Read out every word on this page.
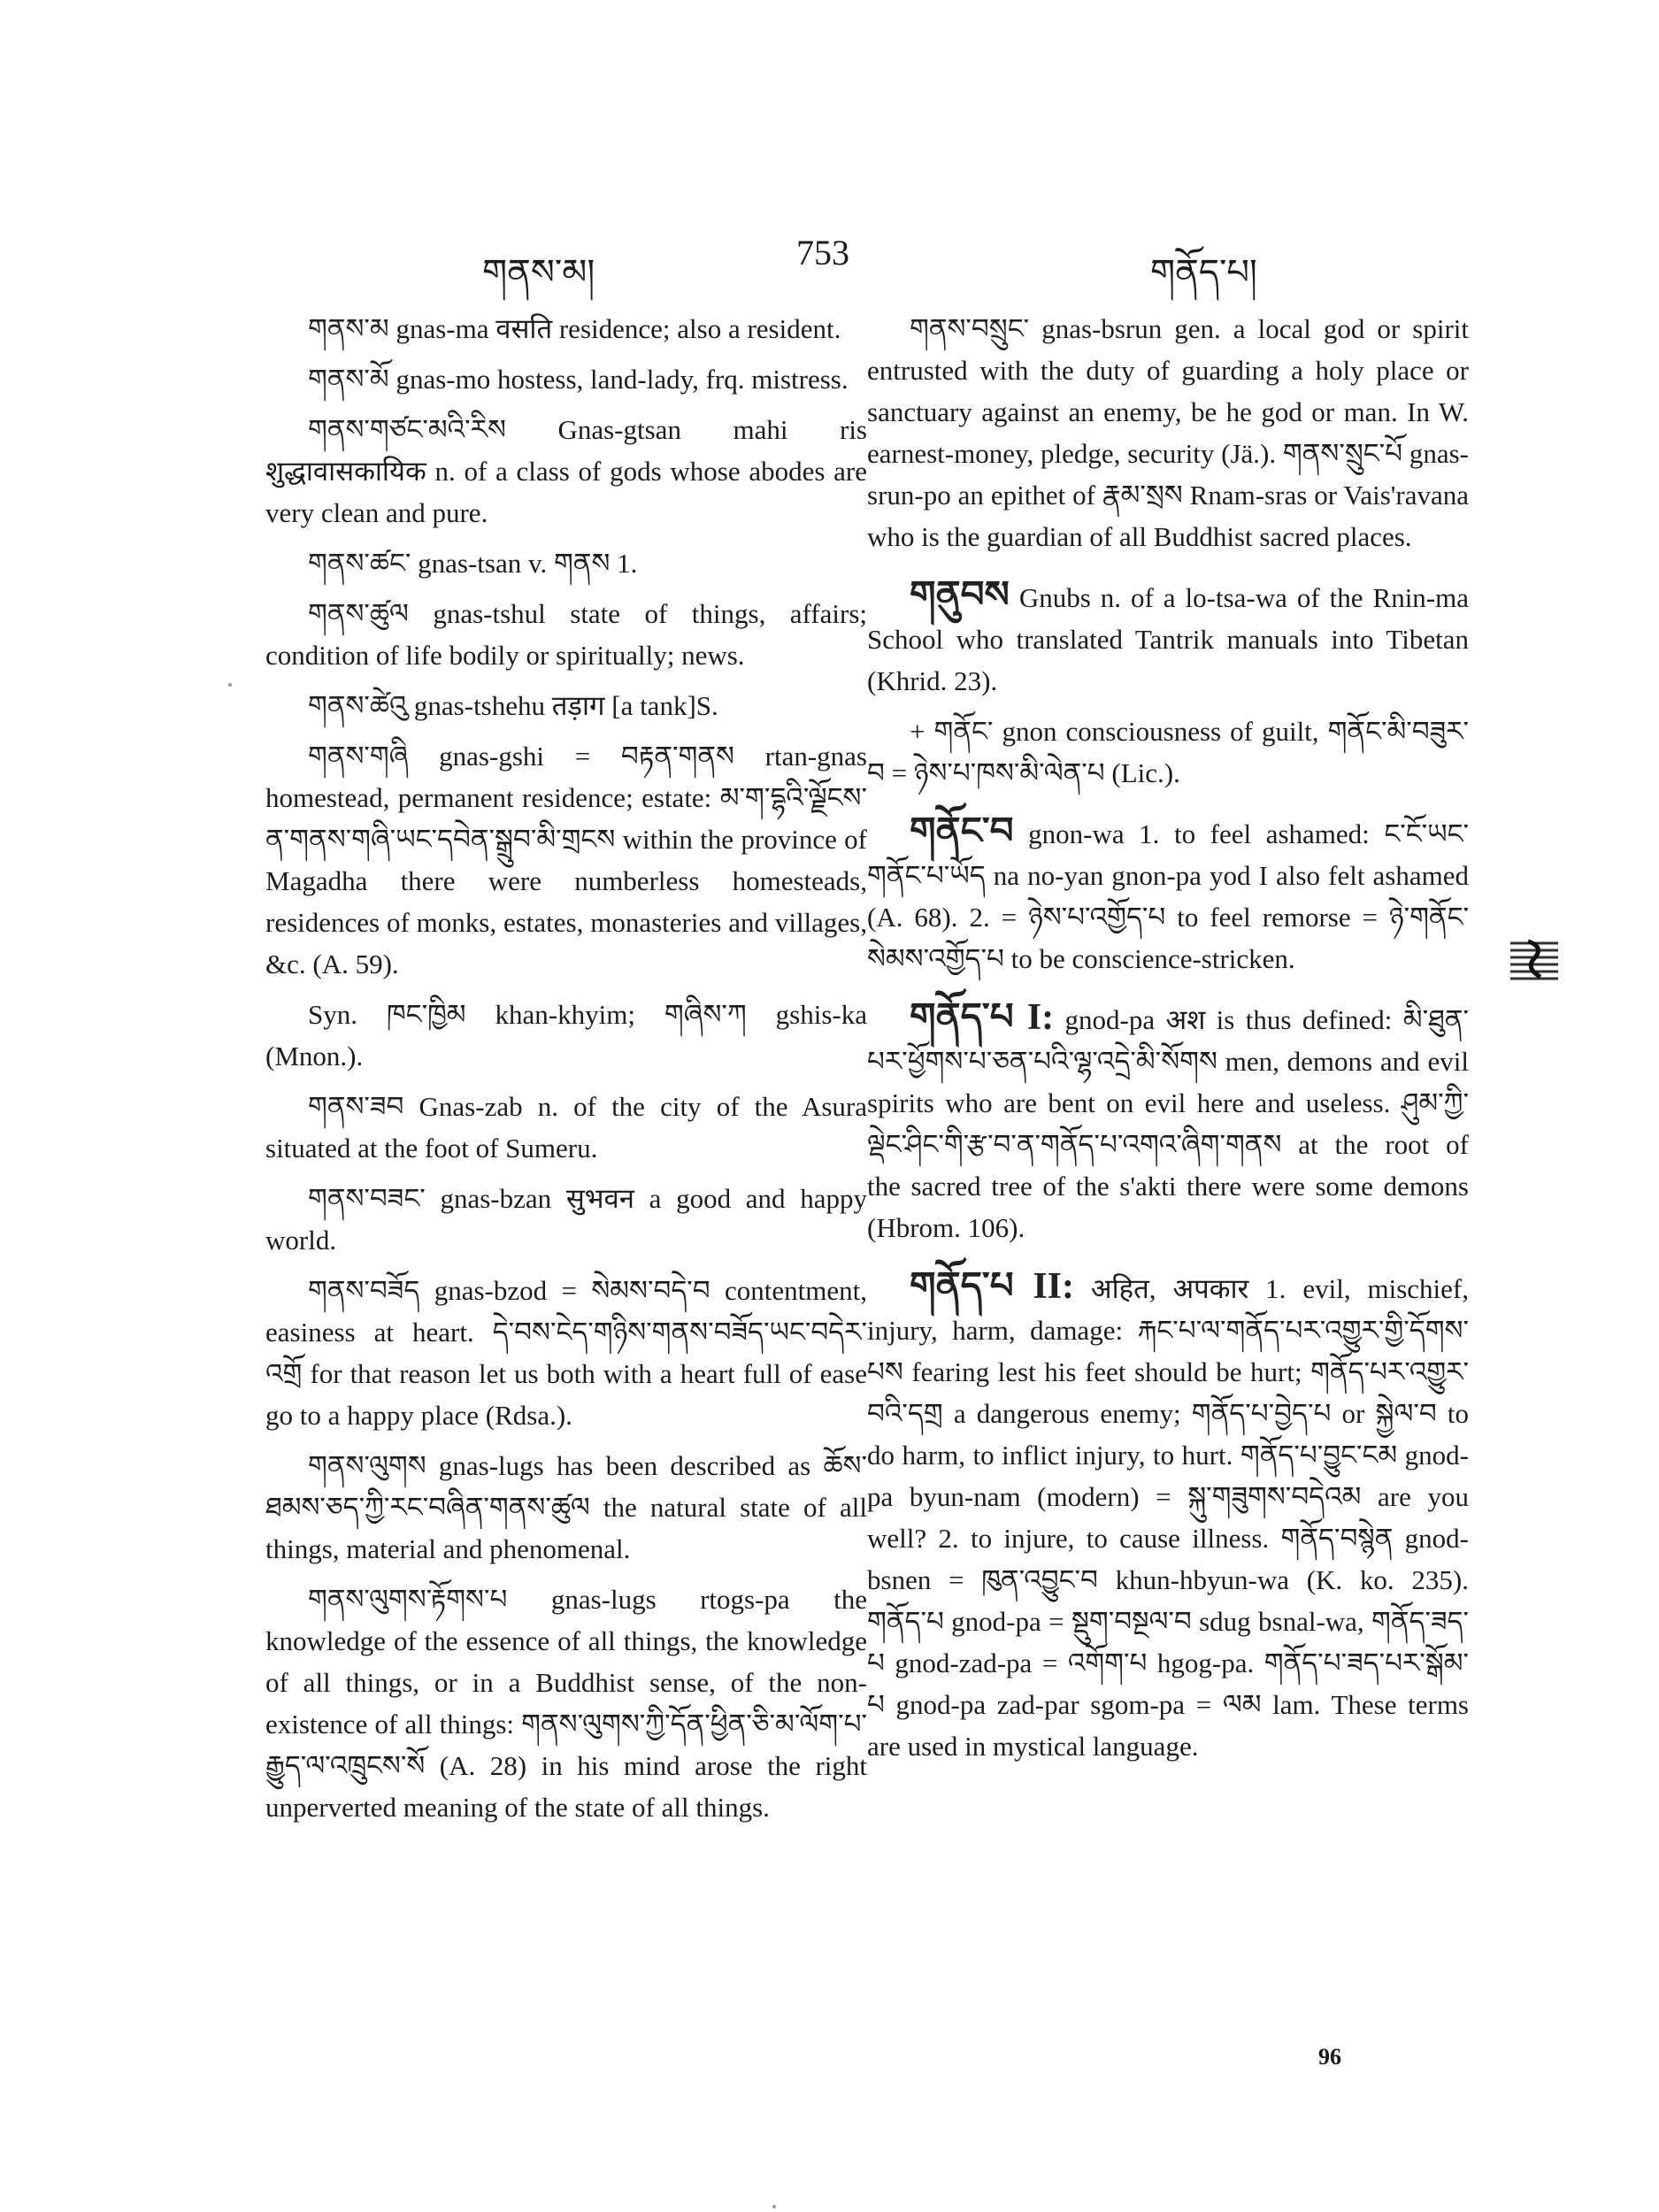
གནས་མ།	753	གནོད་པ།

གནས་མ gnas-ma वसति residence; also a resident.

གནས་མོ gnas-mo hostess, land-lady, frq. mistress.

གནས་གཙང་མའི་རིས Gnas-gtsan mahi ris शुद्धावासकायिक n. of a class of gods whose abodes are very clean and pure.

གནས་ཚང་ gnas-tsan v. གནས 1.

གནས་ཚུལ gnas-tshul state of things, affairs; condition of life bodily or spiritually; news.

གནས་ཚེའུ gnas-tshehu तड़ाग [a tank]S.

གནས་གཞི gnas-gshi = བརྟན་གནས rtan-gnas homestead, permanent residence; estate: མ་ག་དྷའི་ལྗོངས་ན་གནས་གཞི་ཡང་དབེན་སྒྲུབ་མི་གྲངས within the province of Magadha there were numberless homesteads, residences of monks, estates, monasteries and villages, &c. (A. 59).

Syn. ཁང་ཁྱིམ khan-khyim; གཞིས་ཀ gshis-ka (Mnon.).

གནས་ཟབ Gnas-zab n. of the city of the Asura situated at the foot of Sumeru.

གནས་བཟང་ gnas-bzan सुभवन a good and happy world.

གནས་བཟོད gnas-bzod = སེམས་བདེ་བ contentment, easiness at heart. དེ་བས་ངེད་གཉིས་གནས་བཟོད་ཡང་བདེར་འགྲོ for that reason let us both with a heart full of ease go to a happy place (Rdsa.).

གནས་ལུགས gnas-lugs has been described as ཆོས་ཐམས་ཅད་ཀྱི་རང་བཞིན་གནས་ཚུལ the natural state of all things, material and phenomenal.

གནས་ལུགས་རྟོགས་པ gnas-lugs rtogs-pa the knowledge of the essence of all things, the knowledge of all things, or in a Buddhist sense, of the non-existence of all things: གནས་ལུགས་ཀྱི་དོན་ཕྱིན་ཅི་མ་ལོག་པ་རྒྱུད་ལ་འཁྲུངས་སོ (A. 28) in his mind arose the right unperverted meaning of the state of all things.

གནས་བསྲུང་ gnas-bsrun gen. a local god or spirit entrusted with the duty of guarding a holy place or sanctuary against an enemy, be he god or man. In W. earnest-money, pledge, security (Jä.). གནས་སྲུང་པོ gnas-srun-po an epithet of རྣམ་སྲས Rnam-sras or Vais'ravana who is the guardian of all Buddhist sacred places.

གནུབས Gnubs n. of a lo-tsa-wa of the Rnin-ma School who translated Tantrik manuals into Tibetan (Khrid. 23).

+ གནོང་ gnon consciousness of guilt, གནོང་མི་བཟུར་བ = ཉེས་པ་ཁས་མི་ལེན་པ (Lic.).

གནོང་བ gnon-wa 1. to feel ashamed: ང་ངོ་ཡང་གནོང་པ་ཡོད nа no-yan gnon-pa yod I also felt ashamed (A. 68). 2. = ཉེས་པ་འགྱོད་པ to feel remorse = ཉེ་གནོང་སེམས་འགྱོད་པ to be conscience-stricken.

གནོད་པ I: gnod-pa अश is thus defined: མི་ཐུན་པར་ཕྱོགས་པ་ཅན་པའི་ལྷ་འདྲེ་མི་སོགས men, demons and evil spirits who are bent on evil here and useless. ཤུམ་ཀྱི་ལྡེང་ཤིང་གི་རྩ་བ་ན་གནོད་པ་འགའ་ཞིག་གནས at the root of the sacred tree of the s'akti there were some demons (Hbrom. 106).

གནོད་པ II: अहित, अपकार 1. evil, mischief, injury, harm, damage: རྐང་པ་ལ་གནོད་པར་འགྱུར་གྱི་དོགས་པས fearing lest his feet should be hurt; གནོད་པར་འགྱུར་བའི་དགྲ a dangerous enemy; གནོད་པ་བྱེད་པ or སྐྱེལ་བ to do harm, to inflict injury, to hurt. གནོད་པ་བྱུང་ངམ gnod-pa byun-nam (modern) = སྐུ་གཟུགས་བདེའམ are you well? 2. to injure, to cause illness. གནོད་བསྙེན gnod-bsnen = ཁུན་འབྱུང་བ khun-hbyun-wa (K. ko. 235). གནོད་པ gnod-pa = སྡུག་བསྔལ་བ sdug bsnal-wa, གནོད་ཟད་པ gnod-zad-pa = འགོག་པ hgog-pa. གནོད་པ་ཟད་པར་སྒོམ་པ gnod-pa zad-par sgom-pa = ལམ lam. These terms are used in mystical language.

96
